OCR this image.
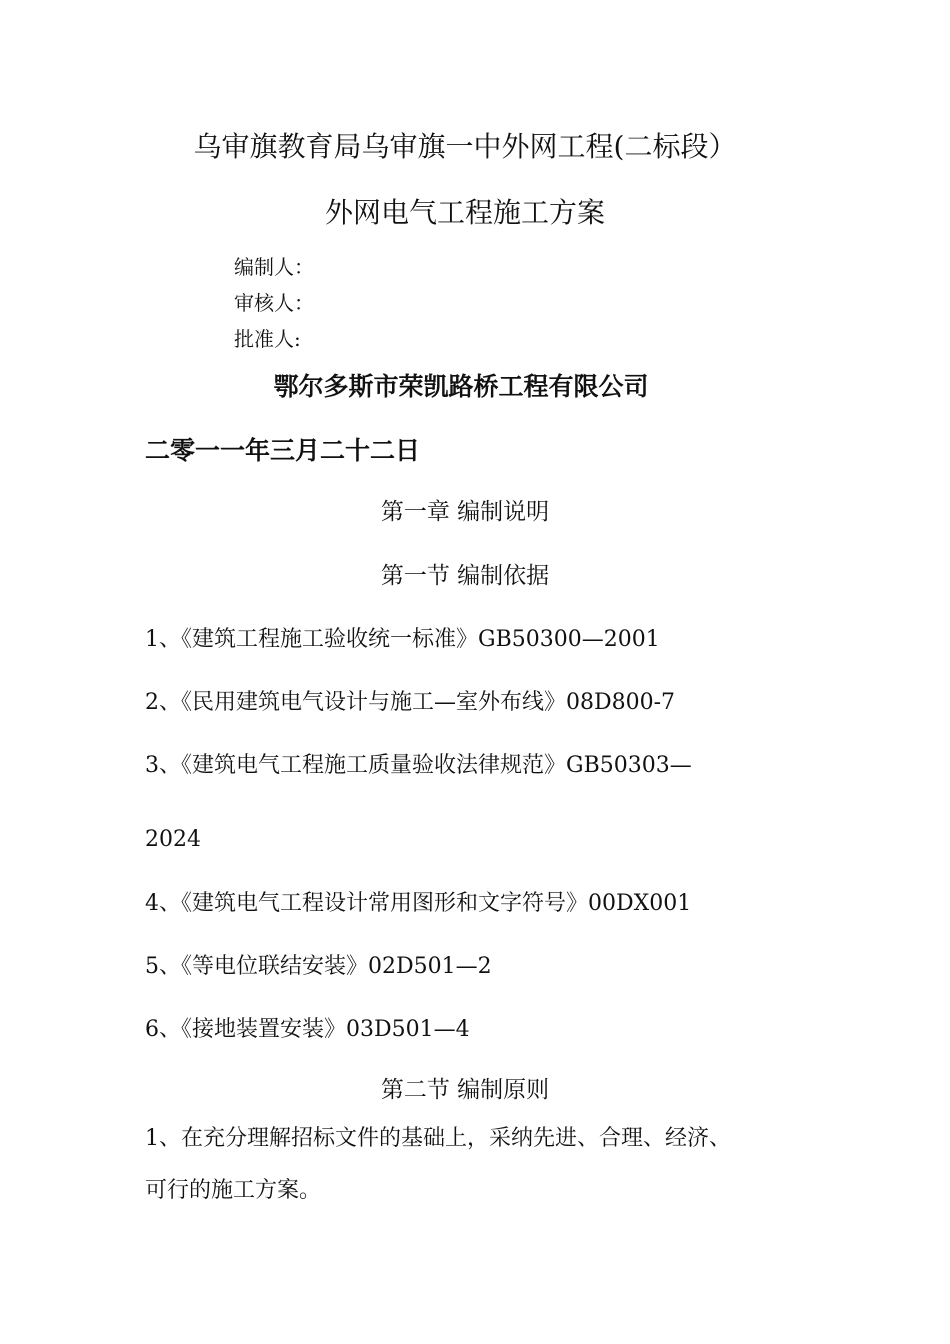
乌审旗教育局乌审旗一中外网工程(二标段）
外网电气工程施工方案
编制人：
审核人：
批准人:
鄂尔多斯市荣凯路桥工程有限公司
二零一一年三月二十二日
第一章 编制说明
第一节 编制依据
1、《建筑工程施工验收统一标准》GB50300—2001
2、《民用建筑电气设计与施工—室外布线》08D800-7
3、《建筑电气工程施工质量验收法律规范》GB50303—
2024
4、《建筑电气工程设计常用图形和文字符号》00DX001
5、《等电位联结安装》02D501—2
6、《接地装置安装》03D501—4
第二节 编制原则
1、在充分理解招标文件的基础上，采纳先进、合理、经济、
可行的施工方案。
